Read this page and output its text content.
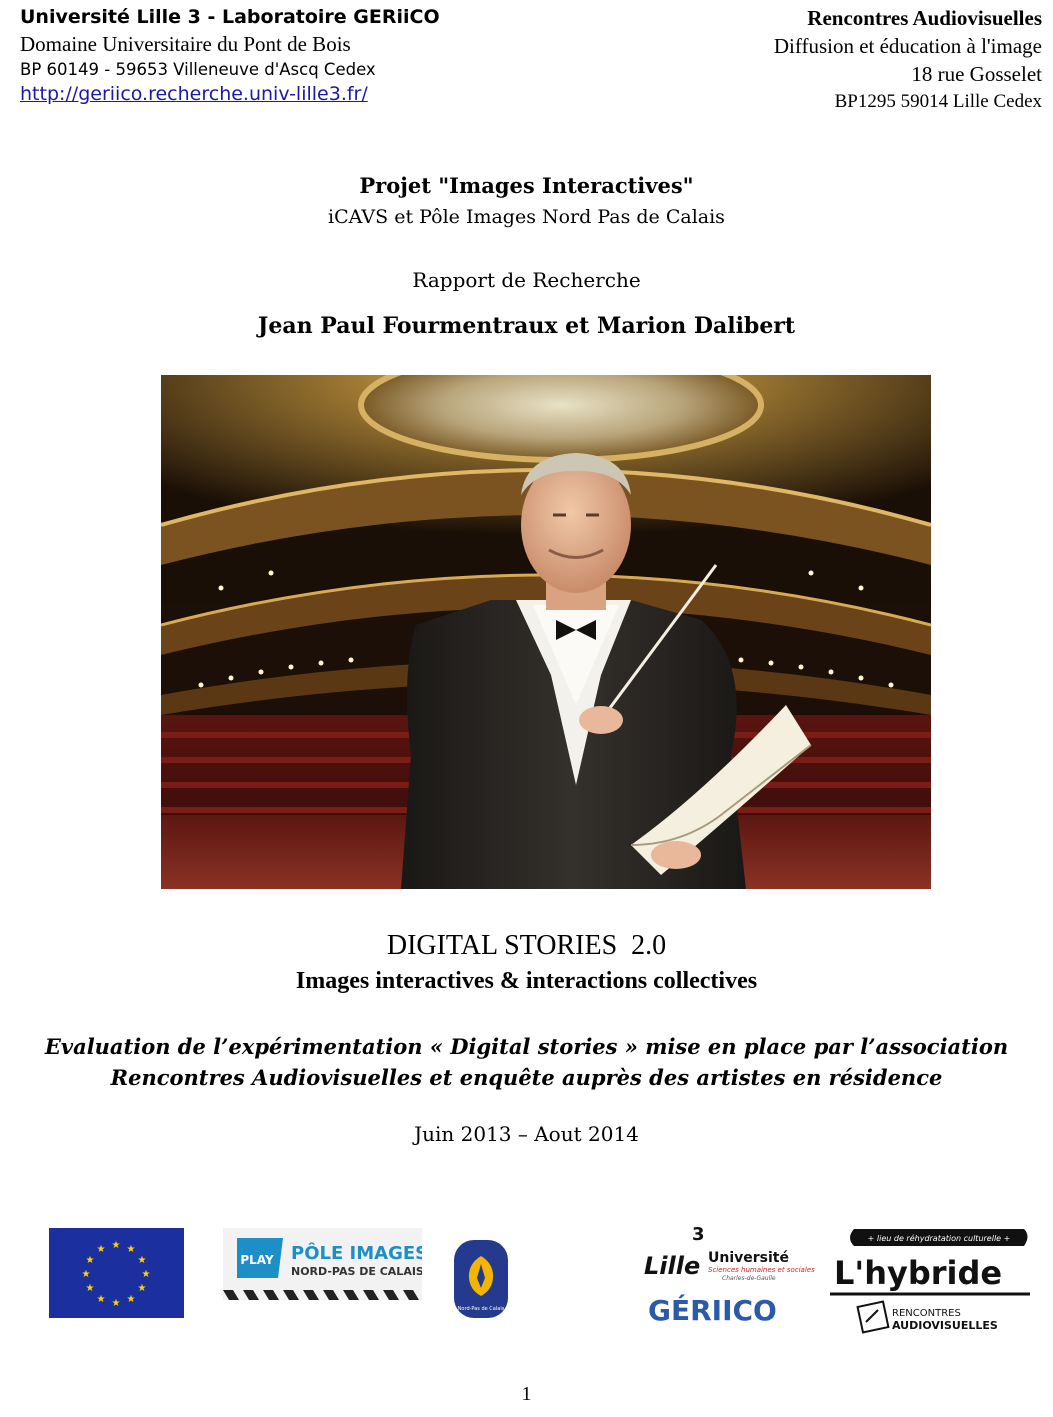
Université Lille 3 - Laboratoire GERiiCO
Domaine Universitaire du Pont de Bois
BP 60149 - 59653 Villeneuve d'Ascq Cedex
http://geriico.recherche.univ-lille3.fr/
Rencontres Audiovisuelles
Diffusion et éducation à l'image
18 rue Gosselet
BP1295 59014 Lille Cedex
Projet "Images Interactives"
iCAVS et Pôle Images Nord Pas de Calais
Rapport de Recherche
Jean Paul Fourmentraux et Marion Dalibert
DIGITAL STORIES  2.0
Images interactives & interactions collectives
Evaluation de l’expérimentation « Digital stories » mise en place par l’association
Rencontres Audiovisuelles et enquête auprès des artistes en résidence
Juin 2013 – Aout 2014
★ ★
★
★
★
★
★
★
★
★
★
★
PLAY PÔLE IMAGES
NORD-PAS DE CALAIS
Nord-Pas de Calais
3
Lille Université
Sciences humaines et sociales
Charles-de-Gaulle
GÉRIICO
+ lieu de réhydratation culturelle +
L'hybride
RENCONTRES
AUDIOVISUELLES
1
